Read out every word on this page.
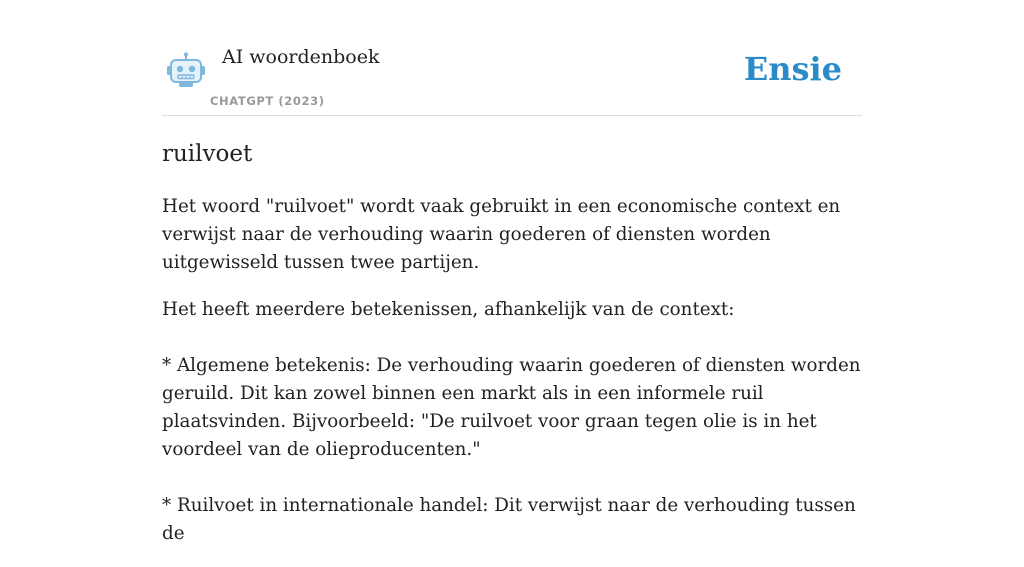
AI woordenboek
CHATGPT (2023)
Ensie
ruilvoet

Het woord "ruilvoet" wordt vaak gebruikt in een economische context en verwijst naar de verhouding waarin goederen of diensten worden uitgewisseld tussen twee partijen.

Het heeft meerdere betekenissen, afhankelijk van de context:

* Algemene betekenis: De verhouding waarin goederen of diensten worden geruild. Dit kan zowel binnen een markt als in een informele ruil plaatsvinden. Bijvoorbeeld: "De ruilvoet voor graan tegen olie is in het voordeel van de olieproducenten."

* Ruilvoet in internationale handel: Dit verwijst naar de verhouding tussen de
